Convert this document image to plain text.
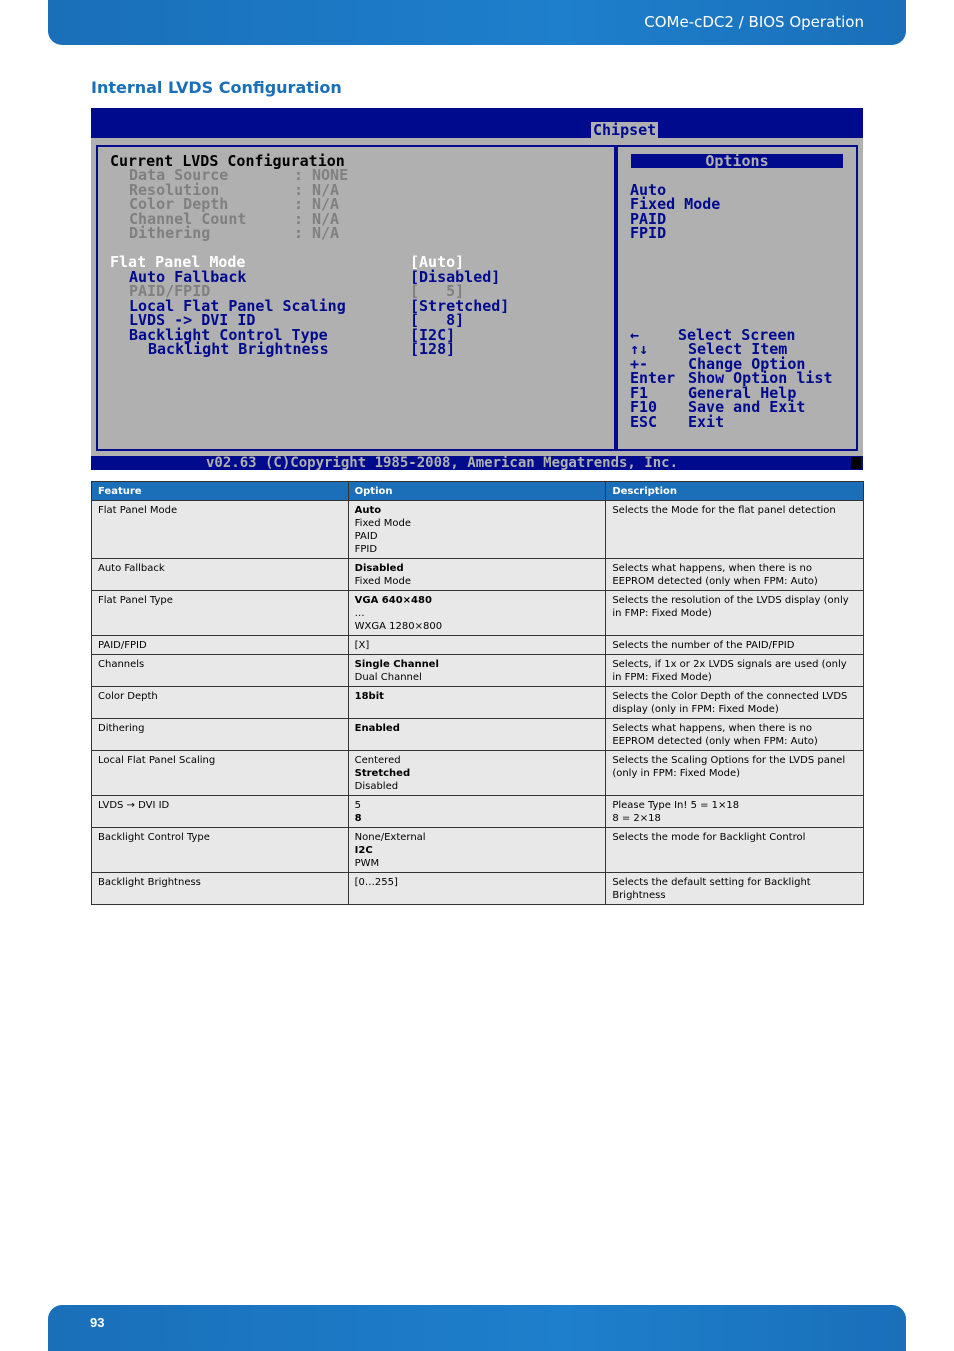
COMe-cDC2 / BIOS Operation
Internal LVDS Configuration
Chipset
Current LVDS Configuration
Data Source	: NONE
Resolution	: N/A
Color Depth	: N/A
Channel Count	: N/A
Dithering	: N/A
Flat Panel Mode	[Auto]
Auto Fallback	[Disabled]
PAID/FPID	[   5]
Local Flat Panel Scaling	[Stretched]
LVDS -> DVI ID	[   8]
Backlight Control Type	[I2C]
Backlight Brightness	[128]
Options
Auto
Fixed Mode
PAID
FPID
←	Select Screen
↑↓	Select Item
+-	Change Option
Enter Show Option list
F1	General Help
F10 Save and Exit
ESC Exit
v02.63 (C)Copyright 1985-2008, American Megatrends, Inc.
Feature	Option	Description
Flat Panel Mode	Auto
Fixed Mode
PAID
FPID	Selects the Mode for the flat panel detection

Auto Fallback	Disabled
Fixed Mode	Selects what happens, when there is no EEPROM detected (only when FPM: Auto)

Flat Panel Type	VGA 640×480
…
WXGA 1280×800	Selects the resolution of the LVDS display (only in FMP: Fixed Mode)

PAID/FPID	[X]	Selects the number of the PAID/FPID

Channels	Single Channel
Dual Channel	Selects, if 1x or 2x LVDS signals are used (only in FPM: Fixed Mode)

Color Depth	18bit	Selects the Color Depth of the connected LVDS display (only in FPM: Fixed Mode)

Dithering	Enabled	Selects what happens, when there is no EEPROM detected (only when FPM: Auto)

Local Flat Panel Scaling	Centered
Stretched
Disabled	Selects the Scaling Options for the LVDS panel (only in FPM: Fixed Mode)

LVDS → DVI ID	5
8	Please Type In! 5 = 1×18
8 = 2×18

Backlight Control Type	None/External
I2C
PWM	Selects the mode for Backlight Control

Backlight Brightness	[0…255]	Selects the default setting for Backlight Brightness
93
